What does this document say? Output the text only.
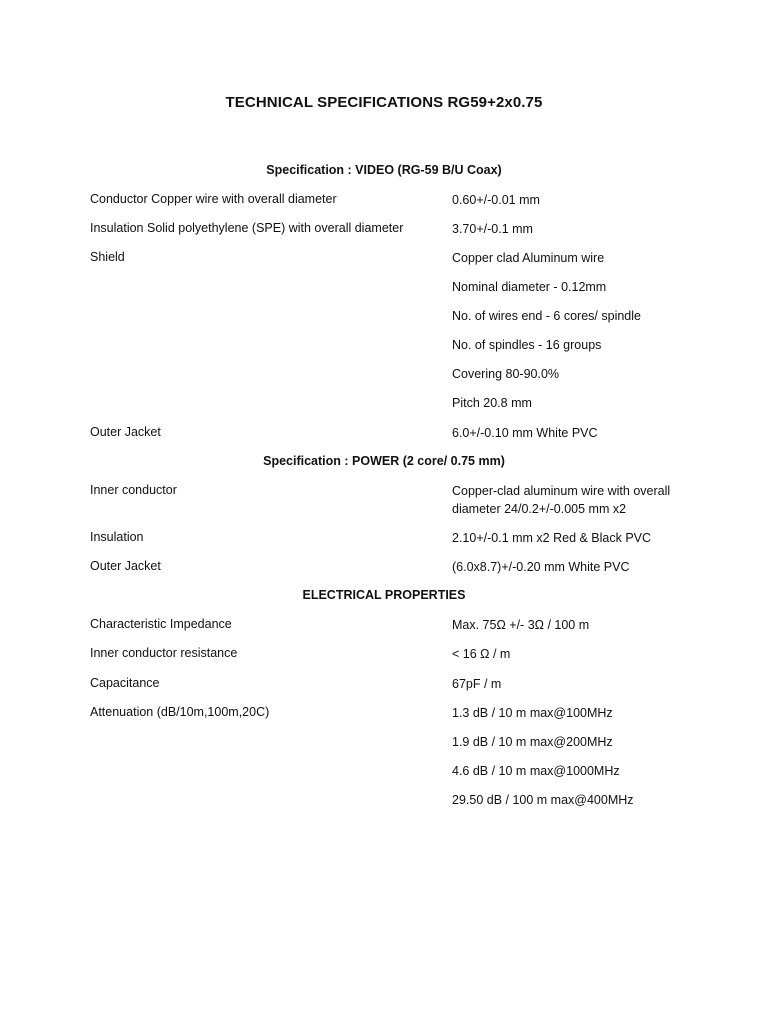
TECHNICAL SPECIFICATIONS RG59+2x0.75
Specification : VIDEO (RG-59 B/U Coax)
Conductor Copper wire with overall diameter	0.60+/-0.01 mm
Insulation Solid polyethylene (SPE) with overall diameter	3.70+/-0.1 mm
Shield	Copper clad Aluminum wire
Nominal diameter - 0.12mm
No. of wires end - 6 cores/ spindle
No. of spindles - 16 groups
Covering 80-90.0%
Pitch 20.8 mm
Outer Jacket	6.0+/-0.10 mm White PVC
Specification : POWER (2 core/ 0.75 mm)
Inner conductor	Copper-clad aluminum wire with overall
diameter 24/0.2+/-0.005 mm x2
Insulation	2.10+/-0.1 mm x2 Red & Black PVC
Outer Jacket	(6.0x8.7)+/-0.20 mm White PVC
ELECTRICAL PROPERTIES
Characteristic Impedance	Max. 75Ω +/- 3Ω / 100 m
Inner conductor resistance	< 16 Ω / m
Capacitance	67pF / m
Attenuation (dB/10m,100m,20C)	1.3 dB / 10 m max@100MHz
1.9 dB / 10 m max@200MHz
4.6 dB / 10 m max@1000MHz
29.50 dB / 100 m max@400MHz
